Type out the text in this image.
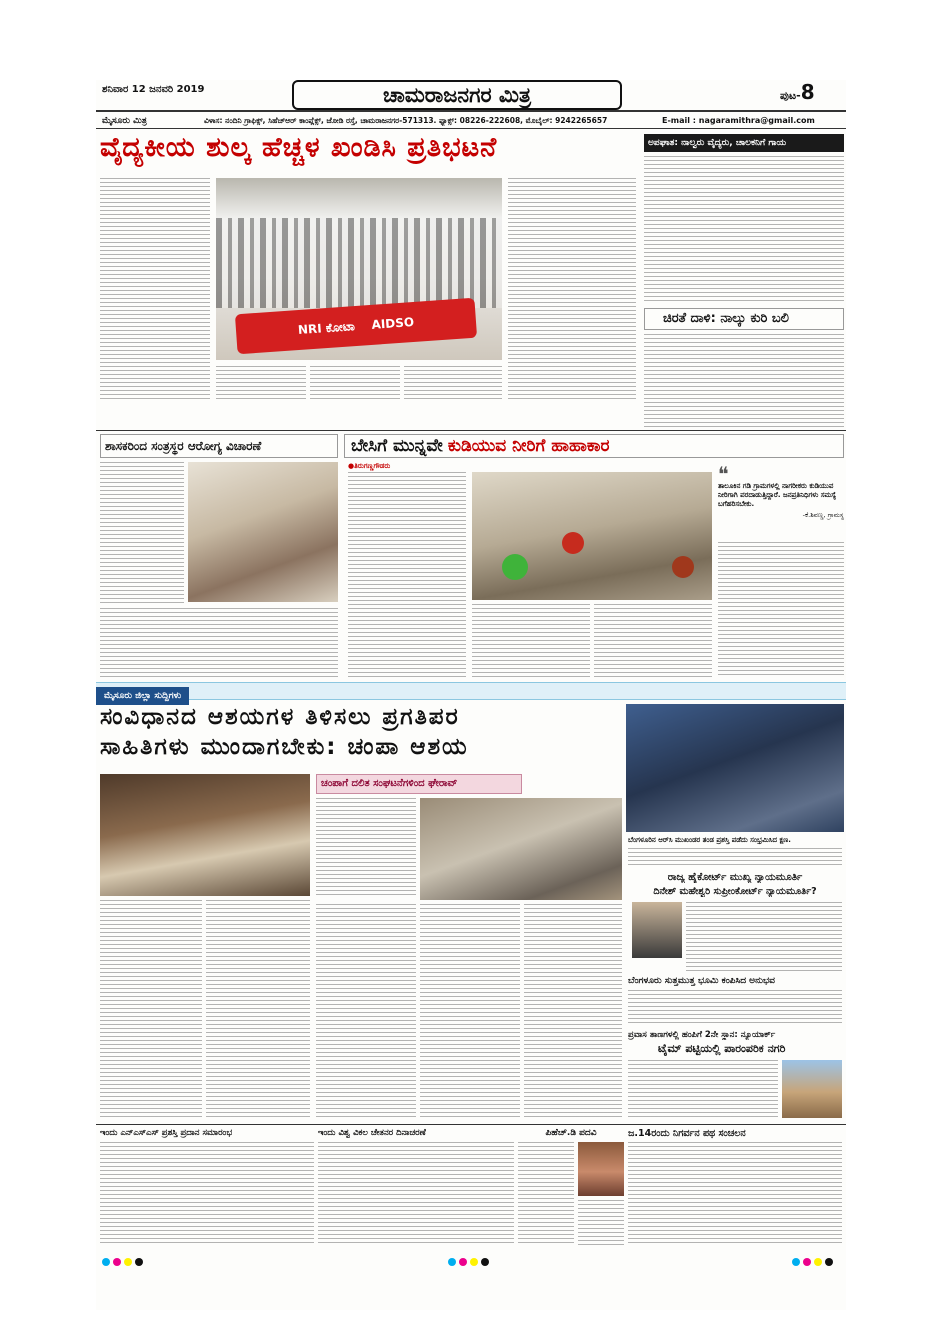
ಶನಿವಾರ 12 ಜನವರಿ 2019	ಚಾಮರಾಜನಗರ ಮಿತ್ರ	ಪುಟ-8
ಮೈಸೂರು ಮಿತ್ರ	ವಿಳಾಸ: ನಂದಿನಿ ಗ್ರಾಫಿಕ್ಸ್, ಸಿಹೆಚ್‌ಆರ್ ಕಾಂಪ್ಲೆಕ್ಸ್, ಜೋಡಿ ರಸ್ತೆ, ಚಾಮರಾಜನಗರ-571313. ಫ್ಯಾಕ್ಸ್: 08226-222608, ಮೊಬೈಲ್: 9242265657	E-mail : nagaramithra@gmail.com
ವೈದ್ಯಕೀಯ ಶುಲ್ಕ ಹೆಚ್ಚಳ ಖಂಡಿಸಿ ಪ್ರತಿಭಟನೆ
NRI ಕೋಟಾ AIDSO
ಅಪಘಾತ: ನಾಲ್ವರು ವೈದ್ಯರು, ಚಾಲಕನಿಗೆ ಗಾಯ
ಚಿರತೆ ದಾಳಿ: ನಾಲ್ಕು ಕುರಿ ಬಲಿ
ಶಾಸಕರಿಂದ ಸಂತ್ರಸ್ಥರ ಆರೋಗ್ಯ ವಿಚಾರಣೆ	ಬೇಸಿಗೆ ಮುನ್ನವೇ ಕುಡಿಯುವ ನೀರಿಗೆ ಹಾಹಾಕಾರ
●ತಿರುಗಣ್ಣಗೌಡರು	❝
ತಾಲೂಕಿನ ಗಡಿ ಗ್ರಾಮಗಳಲ್ಲಿ ನಾಗರೀಕರು ಕುಡಿಯುವ ನೀರಿಗಾಗಿ ಪರದಾಡುತ್ತಿದ್ದಾರೆ. ಜನಪ್ರತಿನಿಧಿಗಳು ಸಮಸ್ಯೆ ಬಗೆಹರಿಸಬೇಕು.
-ಕೆ.ಶಿವಣ್ಣ, ಗ್ರಾಮಸ್ಥ
ಮೈಸೂರು ಜಿಲ್ಲಾ ಸುದ್ದಿಗಳು
ಸಂವಿಧಾನದ ಆಶಯಗಳ ತಿಳಿಸಲು ಪ್ರಗತಿಪರ
ಸಾಹಿತಿಗಳು ಮುಂದಾಗಬೇಕು: ಚಂಪಾ ಆಶಯ
ಬೆಂಗಳೂರಿನ ಆರ್‌ಸಿ ಮುಖಂಡರ ತಂಡ ಪ್ರಶಸ್ತಿ ಪಡೆದು ಸಂಭ್ರಮಿಸಿದ ಕ್ಷಣ.
ಚಂಪಾಗೆ ದಲಿತ ಸಂಘಟನೆಗಳಿಂದ ಘೇರಾವ್
ರಾಜ್ಯ ಹೈಕೋರ್ಟ್ ಮುಖ್ಯ ನ್ಯಾಯಮೂರ್ತಿ
ದಿನೇಶ್ ಮಹೇಶ್ವರಿ ಸುಪ್ರೀಂಕೋರ್ಟ್ ನ್ಯಾಯಮೂರ್ತಿ?
ಬೆಂಗಳೂರು ಸುತ್ತಮುತ್ತ ಭೂಮಿ ಕಂಪಿಸಿದ ಅನುಭವ
ಪ್ರವಾಸ ತಾಣಗಳಲ್ಲಿ ಹಂಪಿಗೆ 2ನೇ ಸ್ಥಾನ: ನ್ಯೂಯಾರ್ಕ್
ಟೈಮ್ ಪಟ್ಟಿಯಲ್ಲಿ ಪಾರಂಪರಿಕ ನಗರಿ
ಇಂದು ಎನ್‌ಎಸ್‌ಎಸ್ ಪ್ರಶಸ್ತಿ ಪ್ರದಾನ ಸಮಾರಂಭ	ಇಂದು ವಿಶ್ವ ವಿಕಲ ಚೇತನರ ದಿನಾಚರಣೆ	ಪಿಹೆಚ್.ಡಿ ಪದವಿ	ಜ.14ರಂದು ನಿಗರ್ವನ ಪಥ ಸಂಚಲನ
